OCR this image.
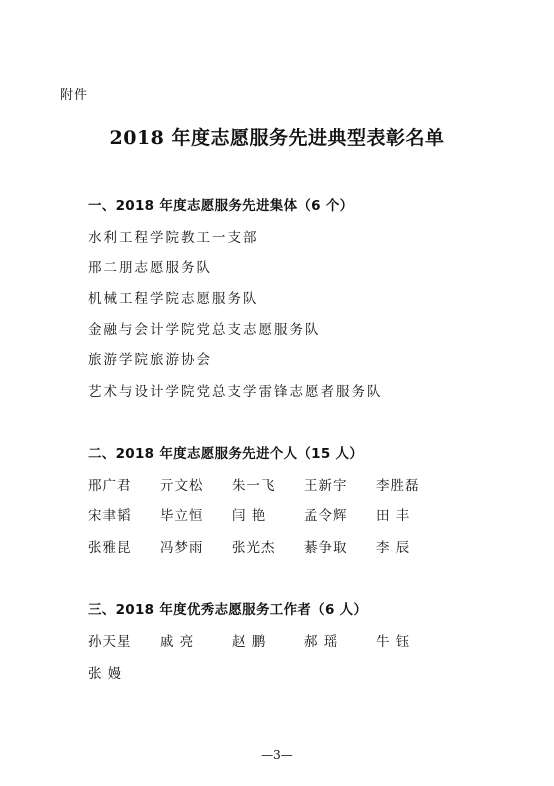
附件
2018 年度志愿服务先进典型表彰名单
一、2018 年度志愿服务先进集体（6 个）
水利工程学院教工一支部
邢二朋志愿服务队
机械工程学院志愿服务队
金融与会计学院党总支志愿服务队
旅游学院旅游协会
艺术与设计学院党总支学雷锋志愿者服务队
二、2018 年度志愿服务先进个人（15 人）
邢广君	亓文松	朱一飞	王新宇	李胜磊
宋聿韬	毕立恒	闫 艳	孟令辉	田 丰
张雅昆	冯梦雨	张光杰	綦争取	李 辰
三、2018 年度优秀志愿服务工作者（6 人）
孙天星	戚 亮	赵 鹏	郝 瑶	牛 钰
张 嫚
—3—
